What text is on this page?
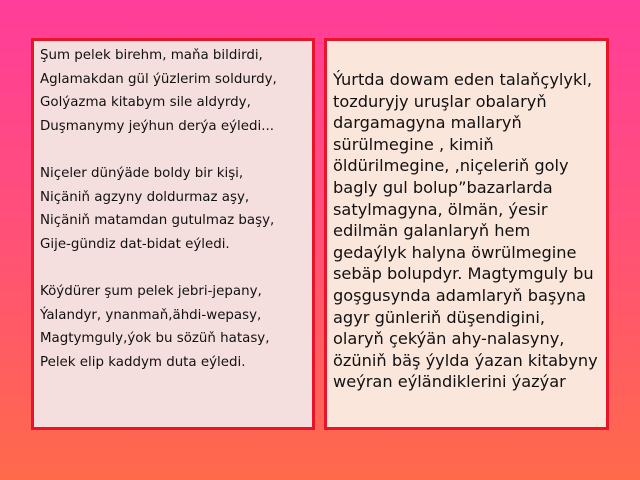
Şum pelek birehm, maňa bildirdi,
Aglamakdan gül ýüzlerim soldurdy,
Golýazma kitabym sile aldyrdy,
Duşmanymy jeýhun derýa eýledi...
Niçeler dünýäde boldy bir kişi,
Niçäniň agzyny doldurmaz aşy,
Niçäniň matamdan gutulmaz başy,
Gije-gündiz dat-bidat eýledi.
Köýdürer şum pelek jebri-jepany,
Ýalandyr, ynanmaň,ähdi-wepasy,
Magtymguly,ýok bu sözüň hatasy,
Pelek elip kaddym duta eýledi.

Ýurtda dowam eden talaňçylykl, tozduryjy uruşlar obalaryň dargamagyna mallaryň sürülmegine , kimiň öldürilmegine, ,niçeleriň goly bagly gul bolup”bazarlarda satylmagyna, ölmän, ýesir edilmän galanlaryň hem gedaýlyk halyna öwrülmegine sebäp bolupdyr. Magtymguly bu goşgusynda adamlaryň başyna agyr günleriň düşendigini, olaryň çekýän ahy-nalasyny, özüniň bäş ýylda ýazan kitabyny weýran eýländiklerini ýazýar
